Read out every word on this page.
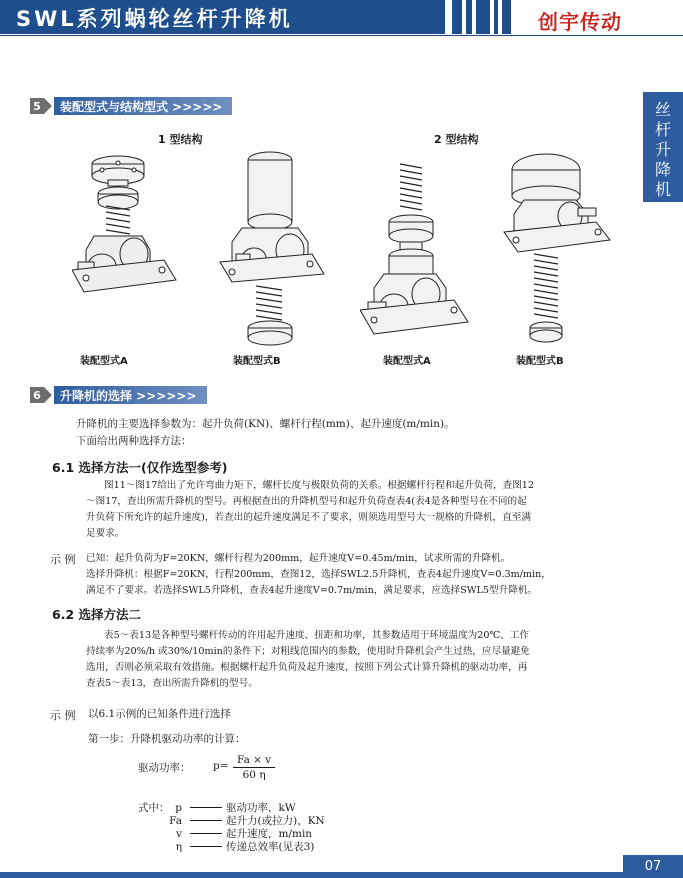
SWL系列蜗轮丝杆升降机	创宇传动
丝
杆
升
降
机
5	装配型式与结构型式 >>>>>
1 型结构	2 型结构
装配型式A	装配型式B	装配型式A	装配型式B
6	升降机的选择 >>>>>>
升降机的主要选择参数为：起升负荷(KN)、螺杆行程(mm)、起升速度(m/min)。
下面给出两种选择方法：
6.1 选择方法一(仅作选型参考)
图11～图17给出了允许弯曲力矩下，螺杆长度与极限负荷的关系。根据螺杆行程和起升负荷，查图12
～图17，查出所需升降机的型号。再根据查出的升降机型号和起升负荷查表4(表4是各种型号在不同的起
升负荷下所允许的起升速度)，若查出的起升速度满足不了要求，则须选用型号大一规格的升降机，直至满
足要求。
示 例 已知：起升负荷为F=20KN，螺杆行程为200mm，起升速度V=0.45m/min，试求所需的升降机。
选择升降机：根据F=20KN，行程200mm，查图12，选择SWL2.5升降机，查表4起升速度V=0.3m/min，
满足不了要求。若选择SWL5升降机，查表4起升速度V=0.7m/min，满足要求，应选择SWL5型升降机。
6.2 选择方法二
表5～表13是各种型号螺杆传动的许用起升速度、扭距和功率，其参数适用于环境温度为20℃、工作
持续率为20%/h 或30%/10min的条件下；对粗线范围内的参数，使用时升降机会产生过热，应尽量避免
选用，否则必须采取有效措施。根据螺杆起升负荷及起升速度，按照下列公式计算升降机的驱动功率，再
查表5～表13，查出所需升降机的型号。
示 例 以6.1示例的已知条件进行选择
第一步：升降机驱动功率的计算：
驱动功率： $p= \frac{Fa \times v}{60 \eta}$
式中： p	驱动功率，kW
Fa	起升力(或拉力)，KN
v	起升速度，m/min
η	传递总效率(见表3)
07
